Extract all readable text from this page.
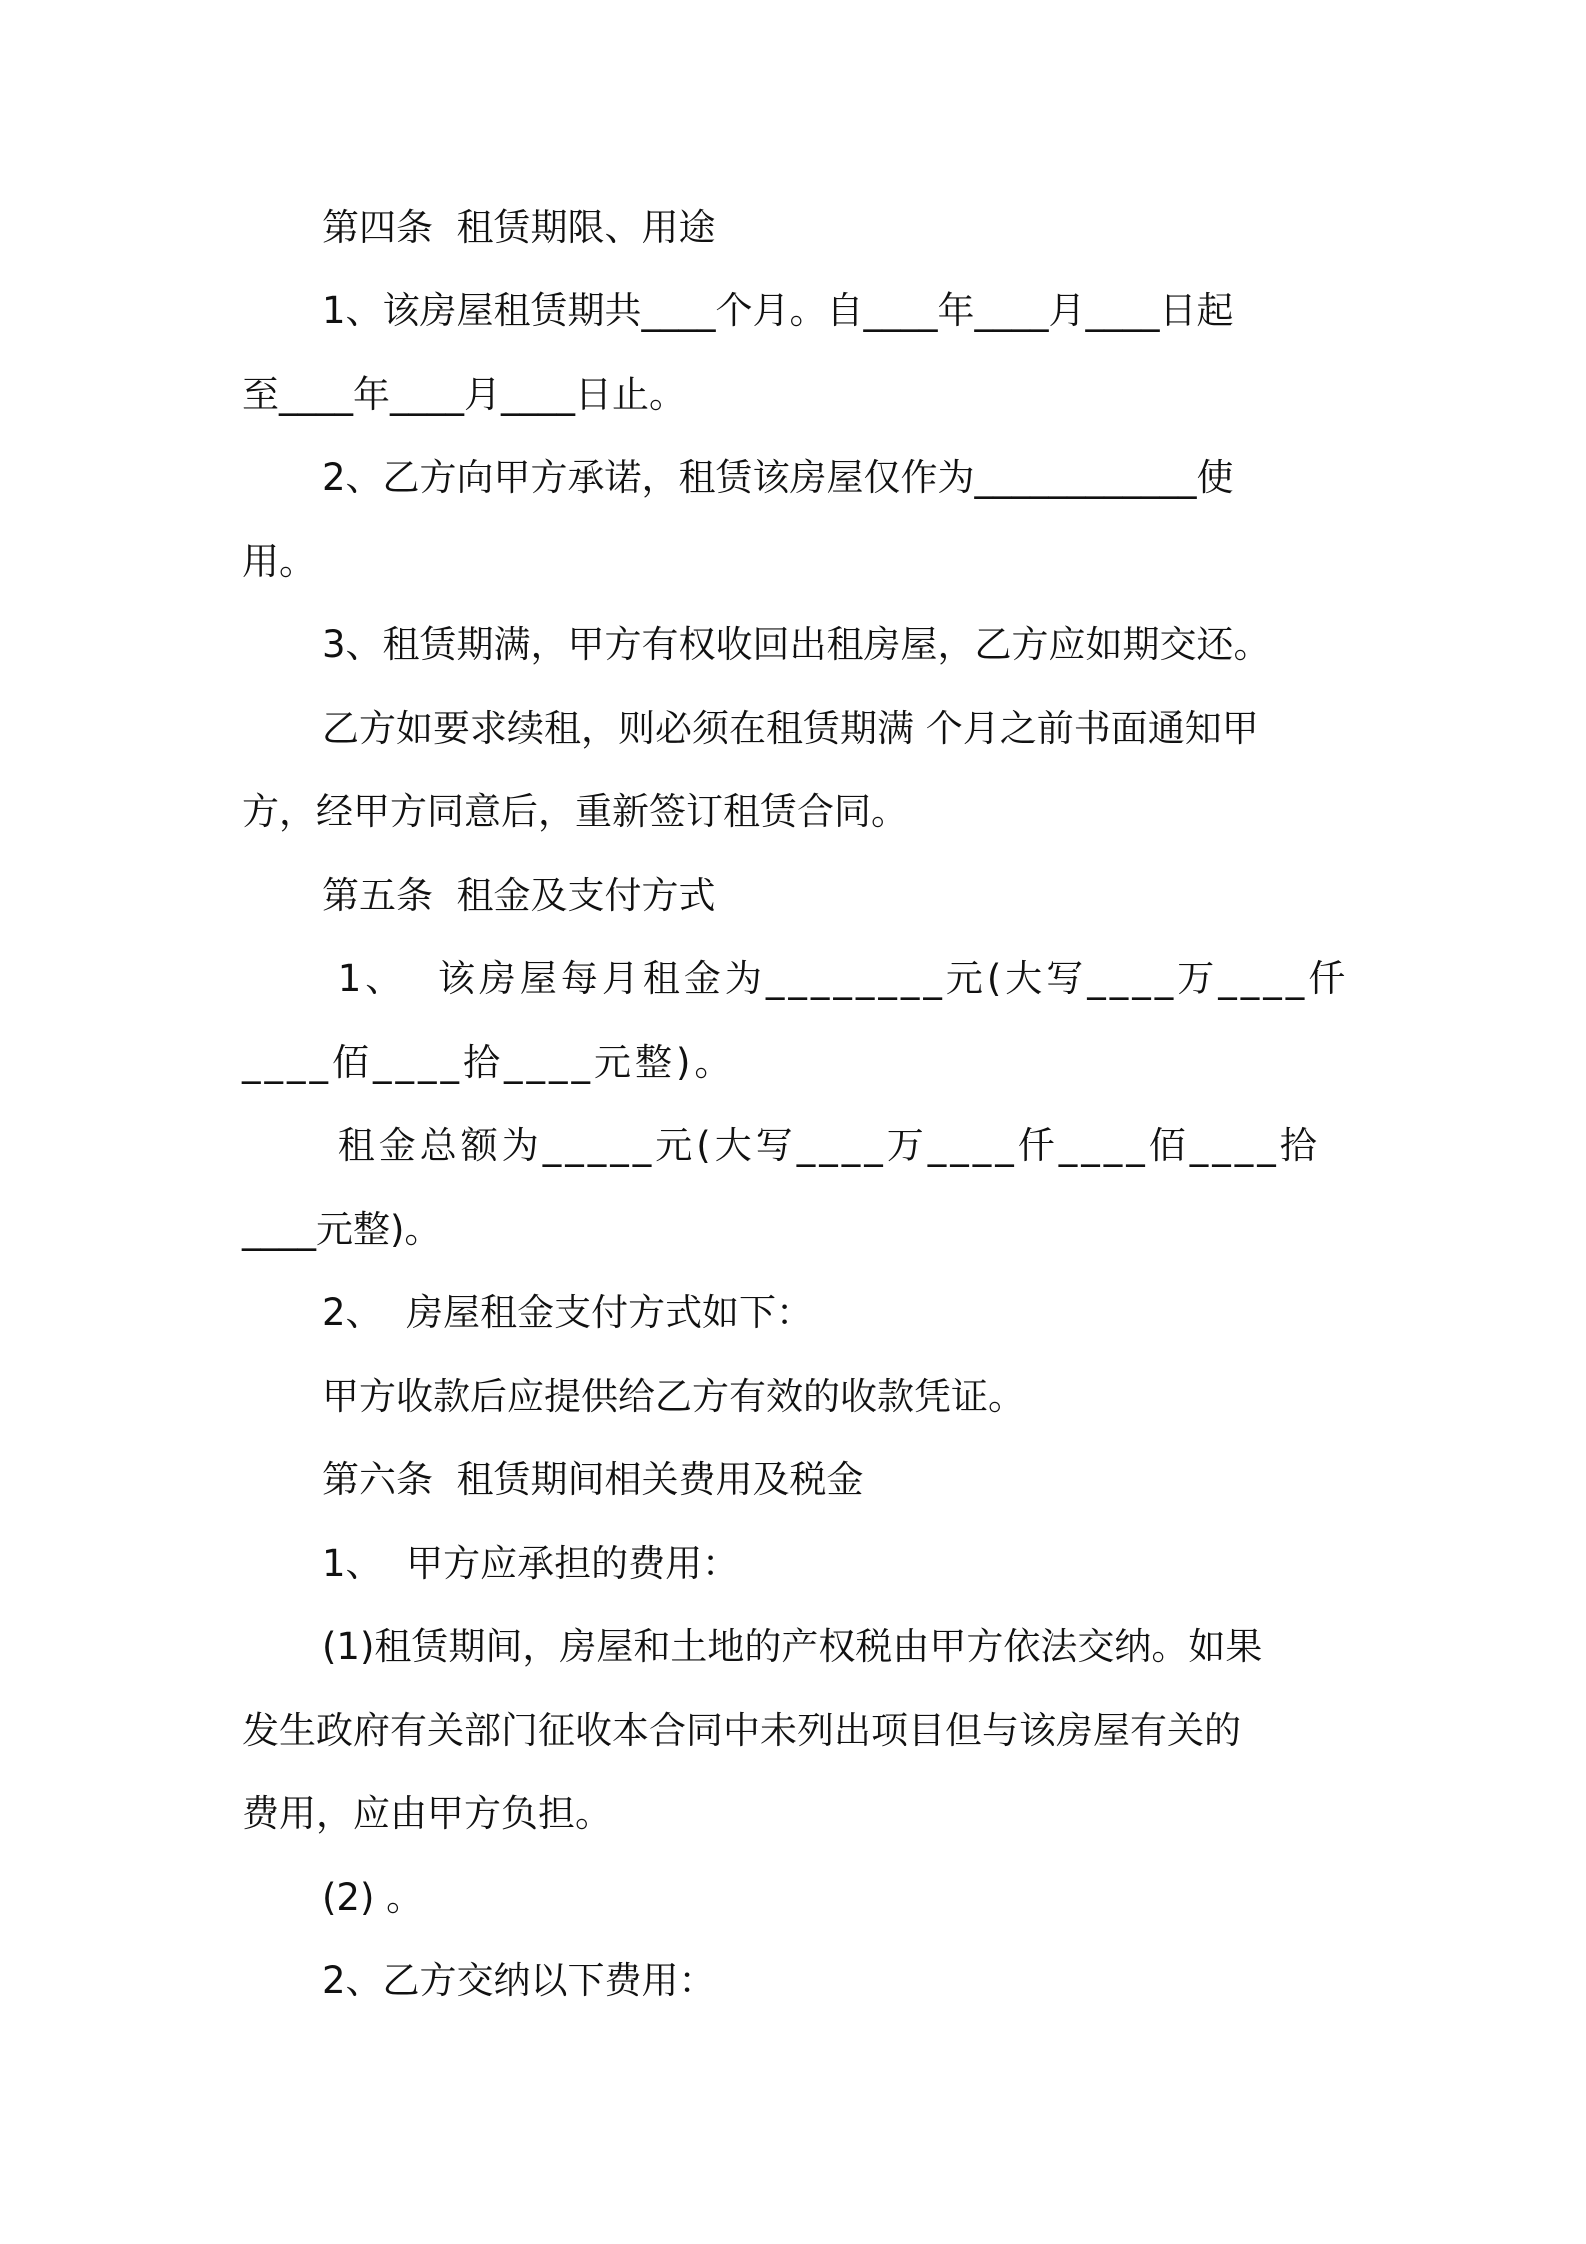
第四条  租赁期限、用途
1、该房屋租赁期共____个月。自____年____月____日起
至____年____月____日止。
2、乙方向甲方承诺，租赁该房屋仅作为____________使
用。
3、租赁期满，甲方有权收回出租房屋，乙方应如期交还。
乙方如要求续租，则必须在租赁期满 个月之前书面通知甲
方，经甲方同意后，重新签订租赁合同。
第五条  租金及支付方式
1、  该房屋每月租金为________元(大写____万____仟
____佰____拾____元整)。
租金总额为_____元(大写____万____仟____佰____拾
____元整)。
2、  房屋租金支付方式如下：
甲方收款后应提供给乙方有效的收款凭证。
第六条  租赁期间相关费用及税金
1、  甲方应承担的费用：
(1)租赁期间，房屋和土地的产权税由甲方依法交纳。如果
发生政府有关部门征收本合同中未列出项目但与该房屋有关的
费用，应由甲方负担。
(2) 。
2、乙方交纳以下费用：
